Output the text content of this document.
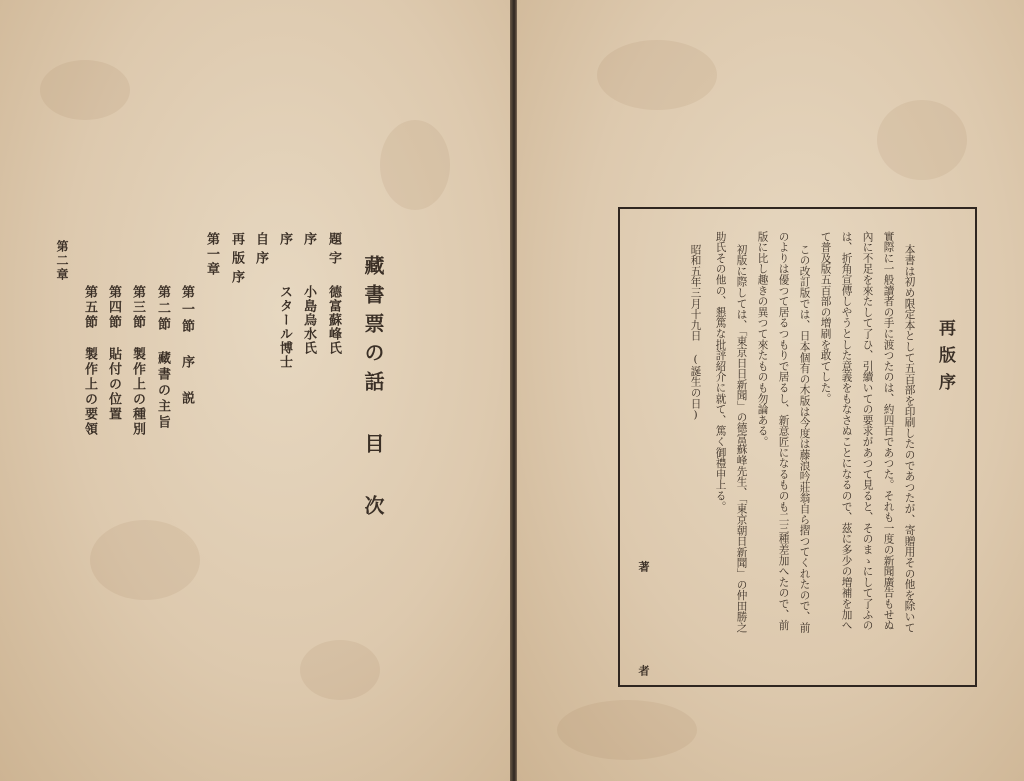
藏書票の話 目 次
題字
德富蘇峰氏
序
小島烏水氏
序
スタール博士
自序
再版序
第一章
第一節 序 説
第二節 藏書の主旨
第三節 製作上の種別
第四節 貼付の位置
第五節 製作上の要領
第二章
再版序
本書は初め限定本として五百部を印刷したのであつたが、寄贈用その他を除いて
實際に一般讀者の手に渡つたのは、約四百であつた。それも一度の新聞廣告もせぬ
內に不足を來たして了ひ、引續いての要求があつて見ると、そのまゝにして了ふの
は、折角宣傳しやうとした意義をもなさぬことになるので、茲に多少の増補を加へ
て普及版五百部の増刷を敢てした。
この改訂版では、日本個有の木版は今度は藤浪吟莊翁自ら摺つてくれたので、前
のよりは優つて居るつもりで居るし、新意匠になるものも二三種差加へたので、前
版に比し趣きの異つて來たものも勿論ある。
初版に際しては、「東京日日新聞」の德富蘇峰先生、「東京朝日新聞」の仲田勝之
助氏その他の、懇篤な批評紹介に就て、篤く御禮申上る。
昭和五年三月十九日 (誕生の日)
著 者
